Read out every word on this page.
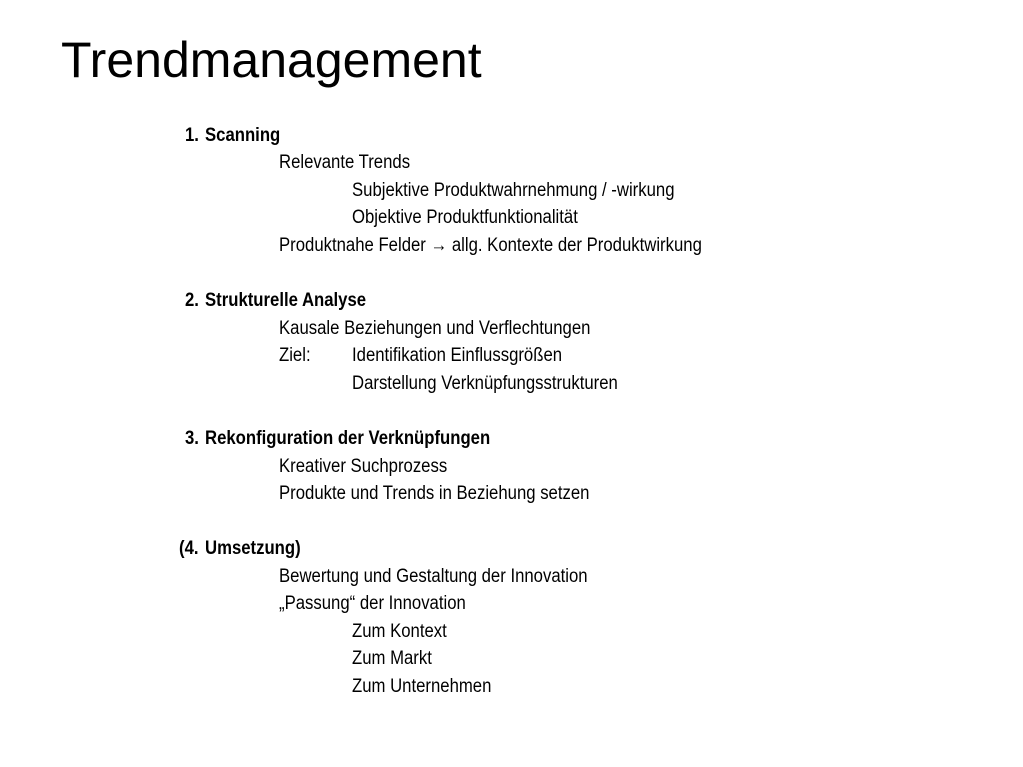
Trendmanagement
1. Scanning
Relevante Trends
Subjektive Produktwahrnehmung / -wirkung
Objektive Produktfunktionalität
Produktnahe Felder → allg. Kontexte der Produktwirkung
2. Strukturelle Analyse
Kausale Beziehungen und Verflechtungen
Ziel: Identifikation Einflussgrößen
Darstellung Verknüpfungsstrukturen
3. Rekonfiguration der Verknüpfungen
Kreativer Suchprozess
Produkte und Trends in Beziehung setzen
(4. Umsetzung)
Bewertung und Gestaltung der Innovation
„Passung“ der Innovation
Zum Kontext
Zum Markt
Zum Unternehmen
